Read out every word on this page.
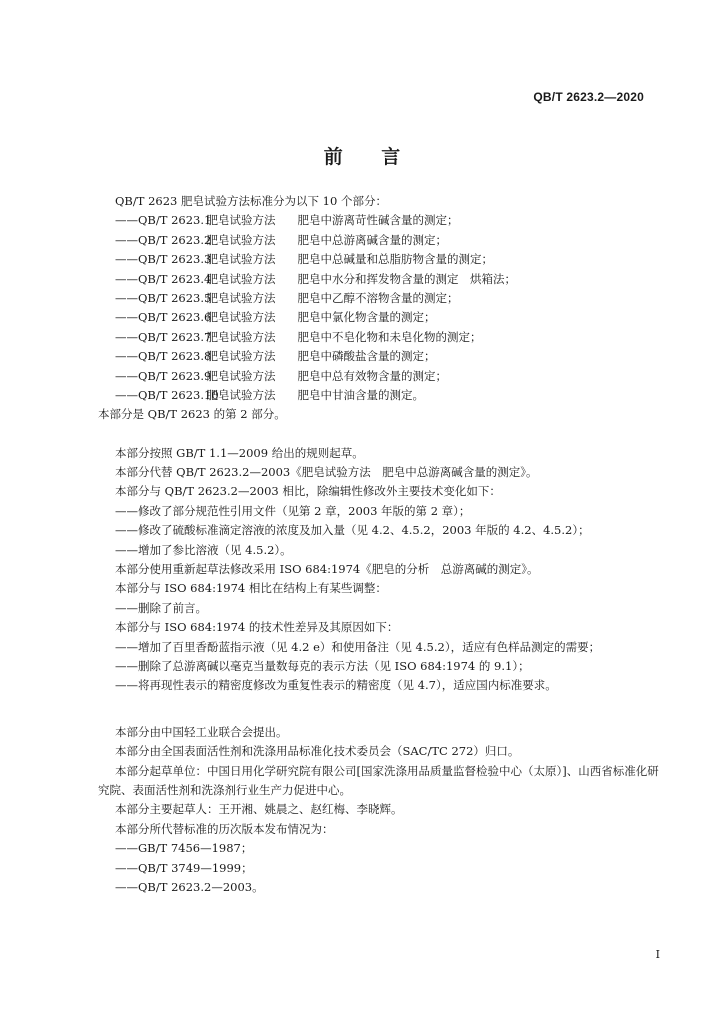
QB/T 2623.2—2020
前 言
QB/T 2623 肥皂试验方法标准分为以下 10 个部分：
——QB/T 2623.1　肥皂试验方法 肥皂中游离苛性碱含量的测定；
——QB/T 2623.2　肥皂试验方法 肥皂中总游离碱含量的测定；
——QB/T 2623.3　肥皂试验方法 肥皂中总碱量和总脂肪物含量的测定；
——QB/T 2623.4　肥皂试验方法 肥皂中水分和挥发物含量的测定　烘箱法；
——QB/T 2623.5　肥皂试验方法 肥皂中乙醇不溶物含量的测定；
——QB/T 2623.6　肥皂试验方法 肥皂中氯化物含量的测定；
——QB/T 2623.7　肥皂试验方法 肥皂中不皂化物和未皂化物的测定；
——QB/T 2623.8　肥皂试验方法 肥皂中磷酸盐含量的测定；
——QB/T 2623.9　肥皂试验方法 肥皂中总有效物含量的测定；
——QB/T 2623.10　肥皂试验方法 肥皂中甘油含量的测定。
本部分是 QB/T 2623 的第 2 部分。
本部分按照 GB/T 1.1—2009 给出的规则起草。
本部分代替 QB/T 2623.2—2003《肥皂试验方法　肥皂中总游离碱含量的测定》。
本部分与 QB/T 2623.2—2003 相比，除编辑性修改外主要技术变化如下：
——修改了部分规范性引用文件（见第 2 章，2003 年版的第 2 章）；
——修改了硫酸标准滴定溶液的浓度及加入量（见 4.2、4.5.2，2003 年版的 4.2、4.5.2）；
——增加了参比溶液（见 4.5.2）。
本部分使用重新起草法修改采用 ISO 684:1974《肥皂的分析　总游离碱的测定》。
本部分与 ISO 684:1974 相比在结构上有某些调整：
——删除了前言。
本部分与 ISO 684:1974 的技术性差异及其原因如下：
——增加了百里香酚蓝指示液（见 4.2 e）和使用备注（见 4.5.2），适应有色样品测定的需要；
——删除了总游离碱以毫克当量数每克的表示方法（见 ISO 684:1974 的 9.1）；
——将再现性表示的精密度修改为重复性表示的精密度（见 4.7），适应国内标准要求。
本部分由中国轻工业联合会提出。
本部分由全国表面活性剂和洗涤用品标准化技术委员会（SAC/TC 272）归口。
本部分起草单位：中国日用化学研究院有限公司[国家洗涤用品质量监督检验中心（太原）]、山西省标准化研究院、表面活性剂和洗涤剂行业生产力促进中心。
本部分主要起草人：王开湘、姚晨之、赵红梅、李晓辉。
本部分所代替标准的历次版本发布情况为：
——GB/T 7456—1987；
——QB/T 3749—1999；
——QB/T 2623.2—2003。
I
